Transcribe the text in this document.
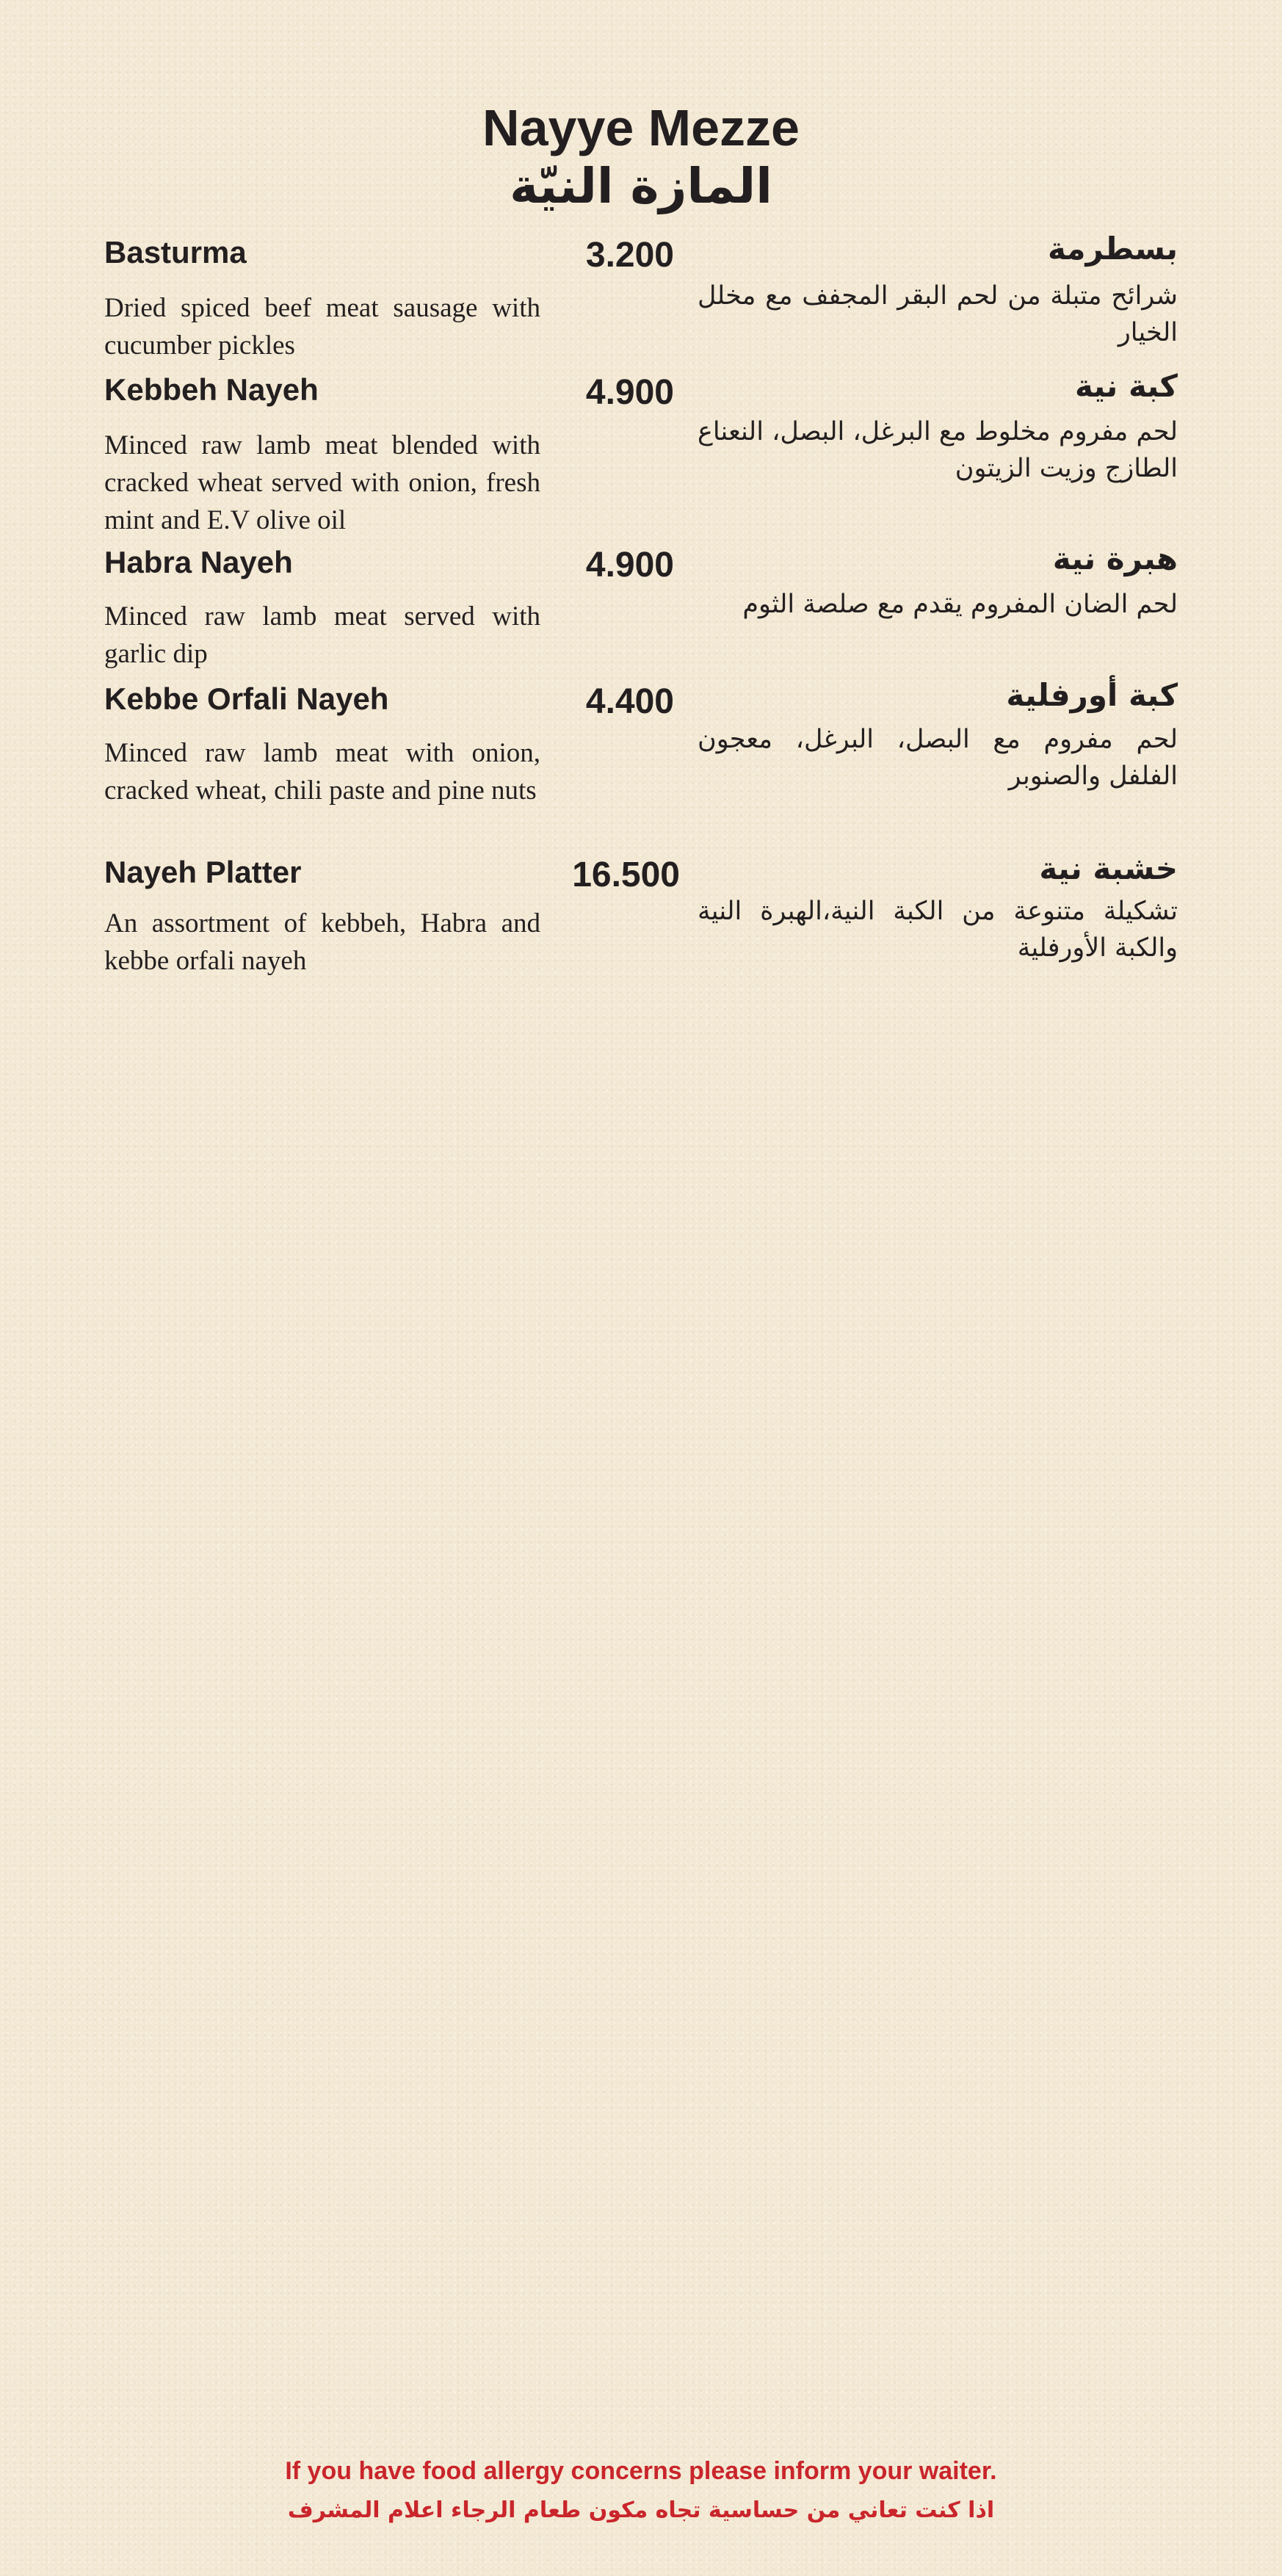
Nayye Mezze
المازة النيّة
Basturma	3.200
Dried spiced beef meat sausage with cucumber pickles
بسطرمة
شرائح متبلة من لحم البقر المجفف مع مخلل الخيار
Kebbeh Nayeh	4.900
Minced raw lamb meat blended with cracked wheat served with onion, fresh mint and E.V olive oil
كبة نية
لحم مفروم مخلوط مع البرغل، البصل، النعناع الطازج وزيت الزيتون
Habra Nayeh	4.900
Minced raw lamb meat served with garlic dip
هبرة نية
لحم الضان المفروم يقدم مع صلصة الثوم
Kebbe Orfali Nayeh	4.400
Minced raw lamb meat with onion, cracked wheat, chili paste and pine nuts
كبة أورفلية
لحم مفروم مع البصل، البرغل، معجون الفلفل والصنوبر
Nayeh Platter	16.500
An assortment of kebbeh, Habra and kebbe orfali nayeh
خشبة نية
تشكيلة متنوعة من الكبة النية،الهبرة النية والكبة الأورفلية

If you have food allergy concerns please inform your waiter.

اذا كنت تعاني من حساسية تجاه مكون طعام الرجاء اعلام المشرف
